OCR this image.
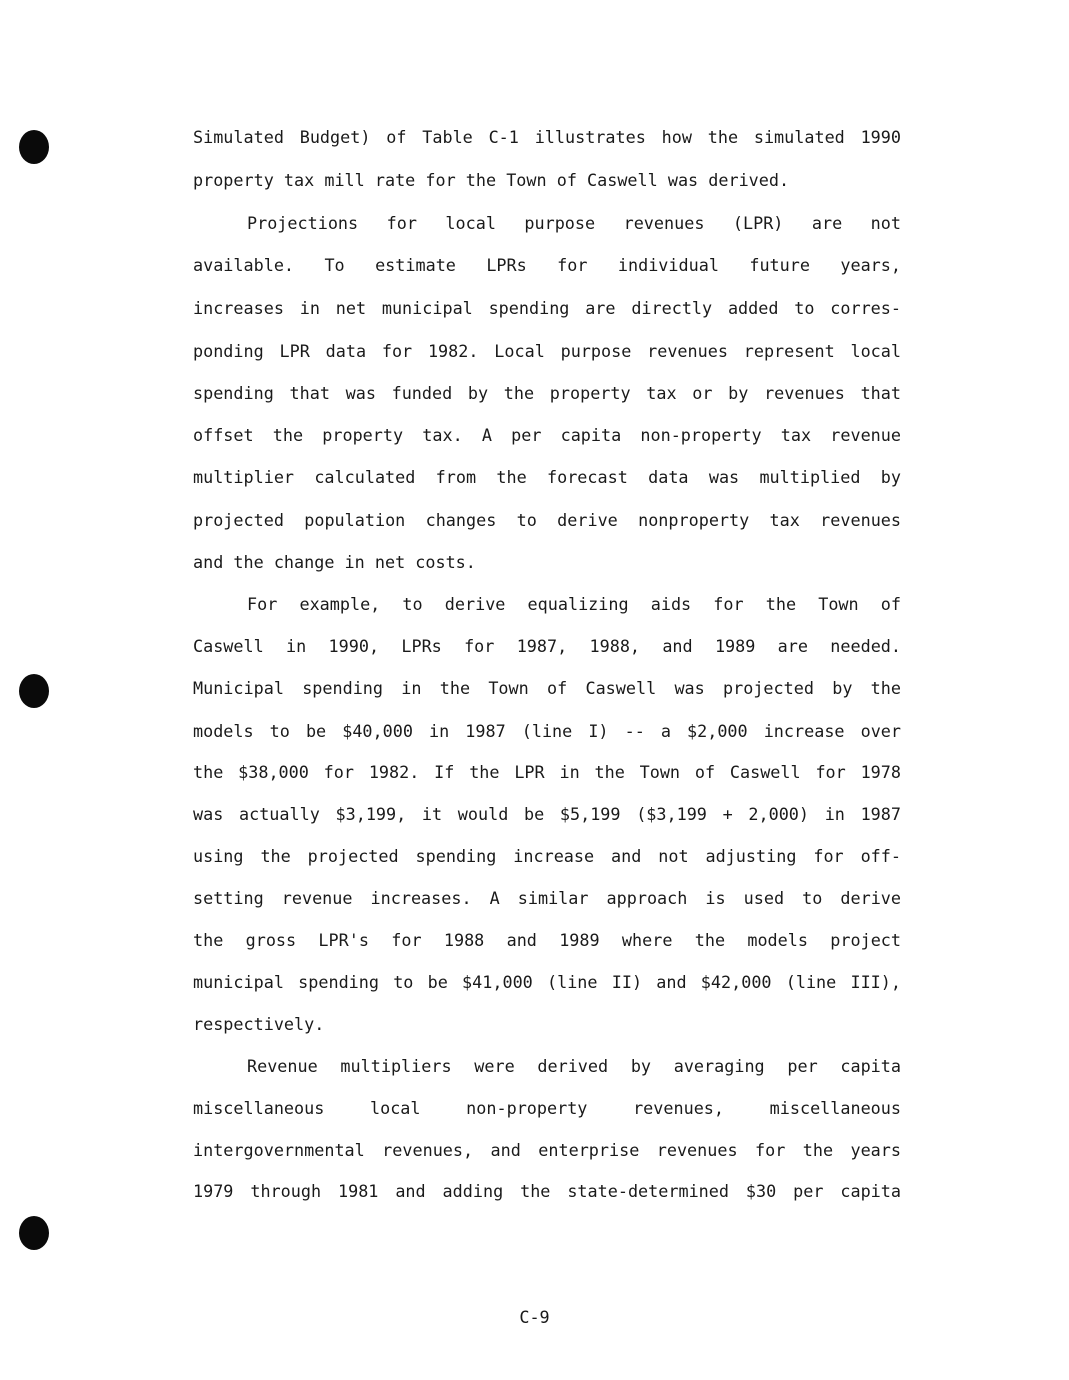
Simulated Budget) of Table C-1 illustrates how the simulated 1990
property tax mill rate for the Town of Caswell was derived.
Projections for local purpose revenues (LPR) are not
available. To estimate LPRs for individual future years,
increases in net municipal spending are directly added to corres-
ponding LPR data for 1982. Local purpose revenues represent local
spending that was funded by the property tax or by revenues that
offset the property tax. A per capita non-property tax revenue
multiplier calculated from the forecast data was multiplied by
projected population changes to derive nonproperty tax revenues
and the change in net costs.
For example, to derive equalizing aids for the Town of
Caswell in 1990, LPRs for 1987, 1988, and 1989 are needed.
Municipal spending in the Town of Caswell was projected by the
models to be $40,000 in 1987 (line I) -- a $2,000 increase over
the $38,000 for 1982. If the LPR in the Town of Caswell for 1978
was actually $3,199, it would be $5,199 ($3,199 + 2,000) in 1987
using the projected spending increase and not adjusting for off-
setting revenue increases. A similar approach is used to derive
the gross LPR's for 1988 and 1989 where the models project
municipal spending to be $41,000 (line II) and $42,000 (line III),
respectively.
Revenue multipliers were derived by averaging per capita
miscellaneous local non-property revenues, miscellaneous
intergovernmental revenues, and enterprise revenues for the years
1979 through 1981 and adding the state-determined $30 per capita
C-9
